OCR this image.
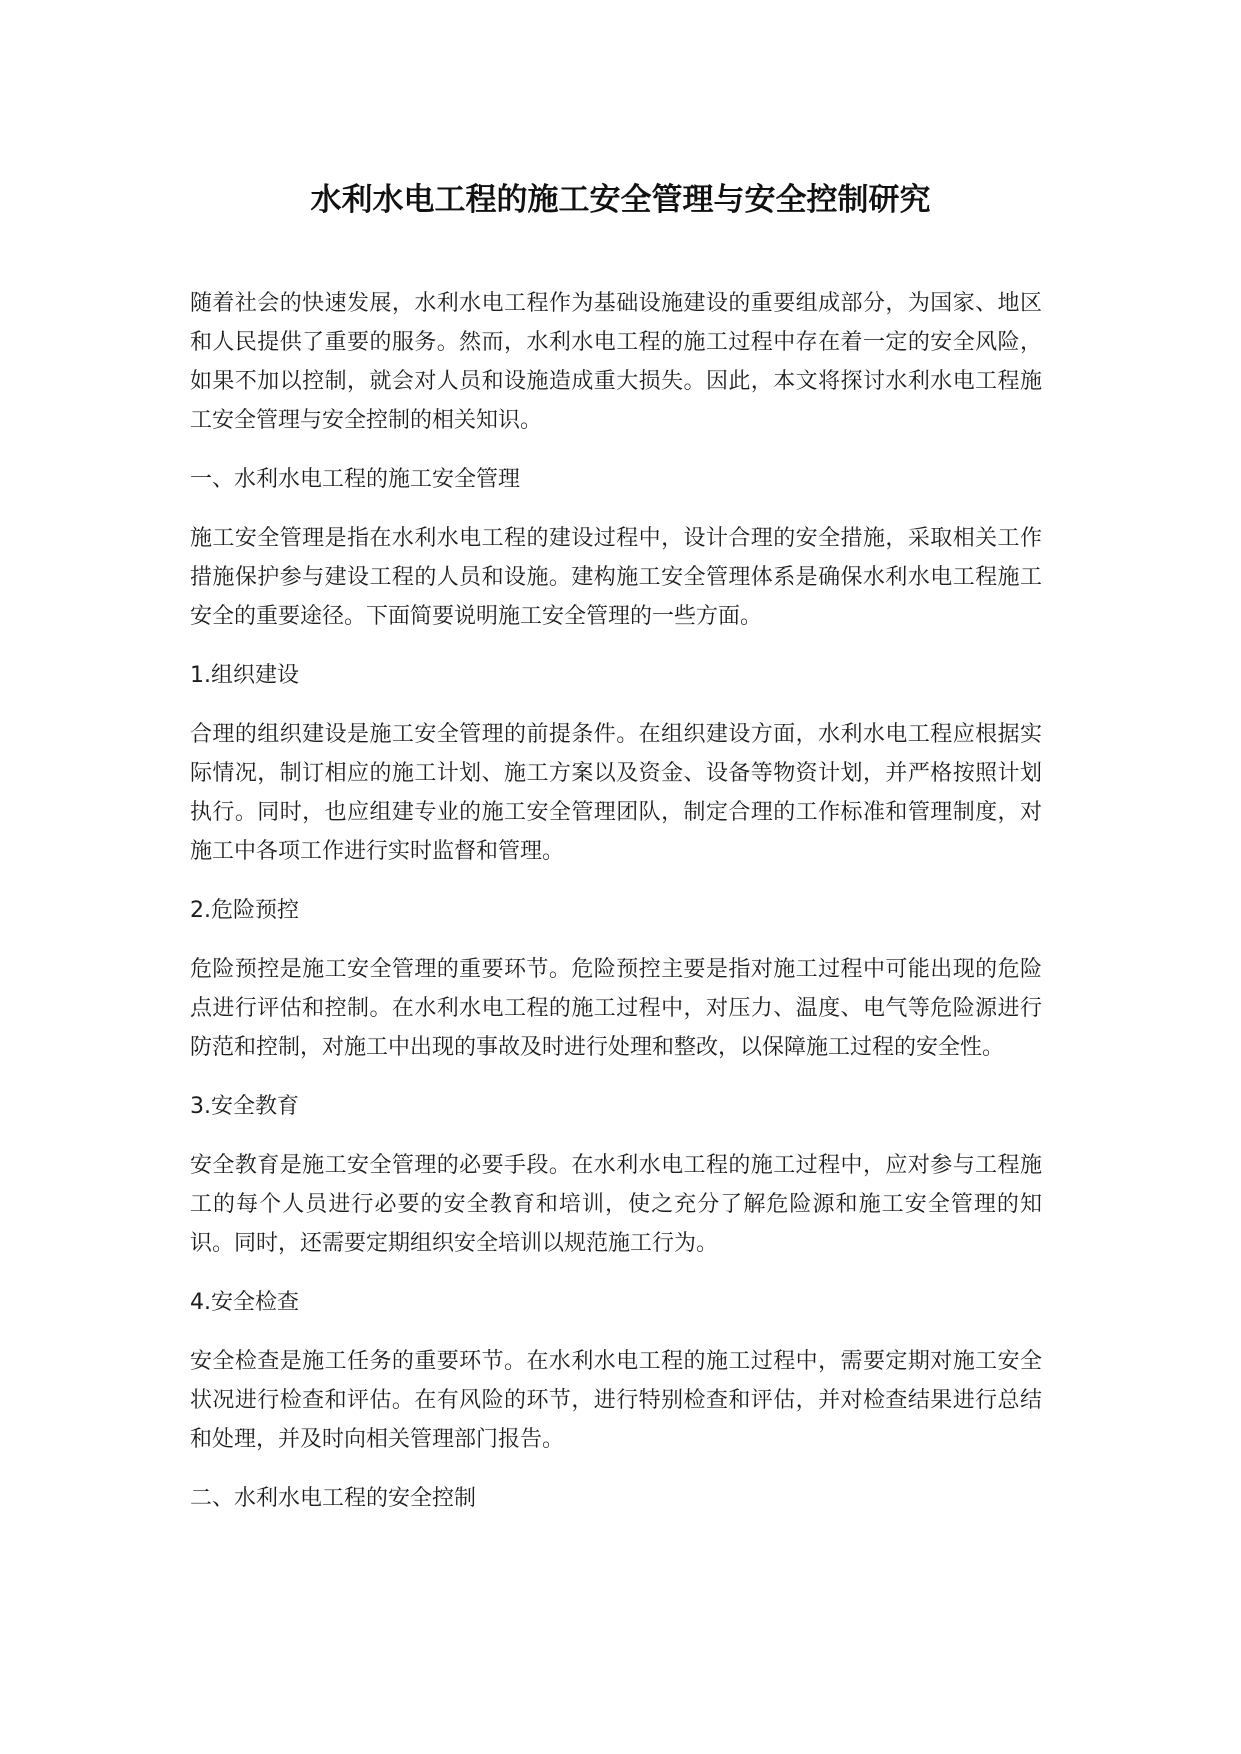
水利水电工程的施工安全管理与安全控制研究

随着社会的快速发展，水利水电工程作为基础设施建设的重要组成部分，为国家、地区和人民提供了重要的服务。然而，水利水电工程的施工过程中存在着一定的安全风险，如果不加以控制，就会对人员和设施造成重大损失。因此，本文将探讨水利水电工程施工安全管理与安全控制的相关知识。

一、水利水电工程的施工安全管理

施工安全管理是指在水利水电工程的建设过程中，设计合理的安全措施，采取相关工作措施保护参与建设工程的人员和设施。建构施工安全管理体系是确保水利水电工程施工安全的重要途径。下面简要说明施工安全管理的一些方面。

1.组织建设

合理的组织建设是施工安全管理的前提条件。在组织建设方面，水利水电工程应根据实际情况，制订相应的施工计划、施工方案以及资金、设备等物资计划，并严格按照计划执行。同时，也应组建专业的施工安全管理团队，制定合理的工作标准和管理制度，对施工中各项工作进行实时监督和管理。

2.危险预控

危险预控是施工安全管理的重要环节。危险预控主要是指对施工过程中可能出现的危险点进行评估和控制。在水利水电工程的施工过程中，对压力、温度、电气等危险源进行防范和控制，对施工中出现的事故及时进行处理和整改，以保障施工过程的安全性。

3.安全教育

安全教育是施工安全管理的必要手段。在水利水电工程的施工过程中，应对参与工程施工的每个人员进行必要的安全教育和培训，使之充分了解危险源和施工安全管理的知识。同时，还需要定期组织安全培训以规范施工行为。

4.安全检查

安全检查是施工任务的重要环节。在水利水电工程的施工过程中，需要定期对施工安全状况进行检查和评估。在有风险的环节，进行特别检查和评估，并对检查结果进行总结和处理，并及时向相关管理部门报告。

二、水利水电工程的安全控制
